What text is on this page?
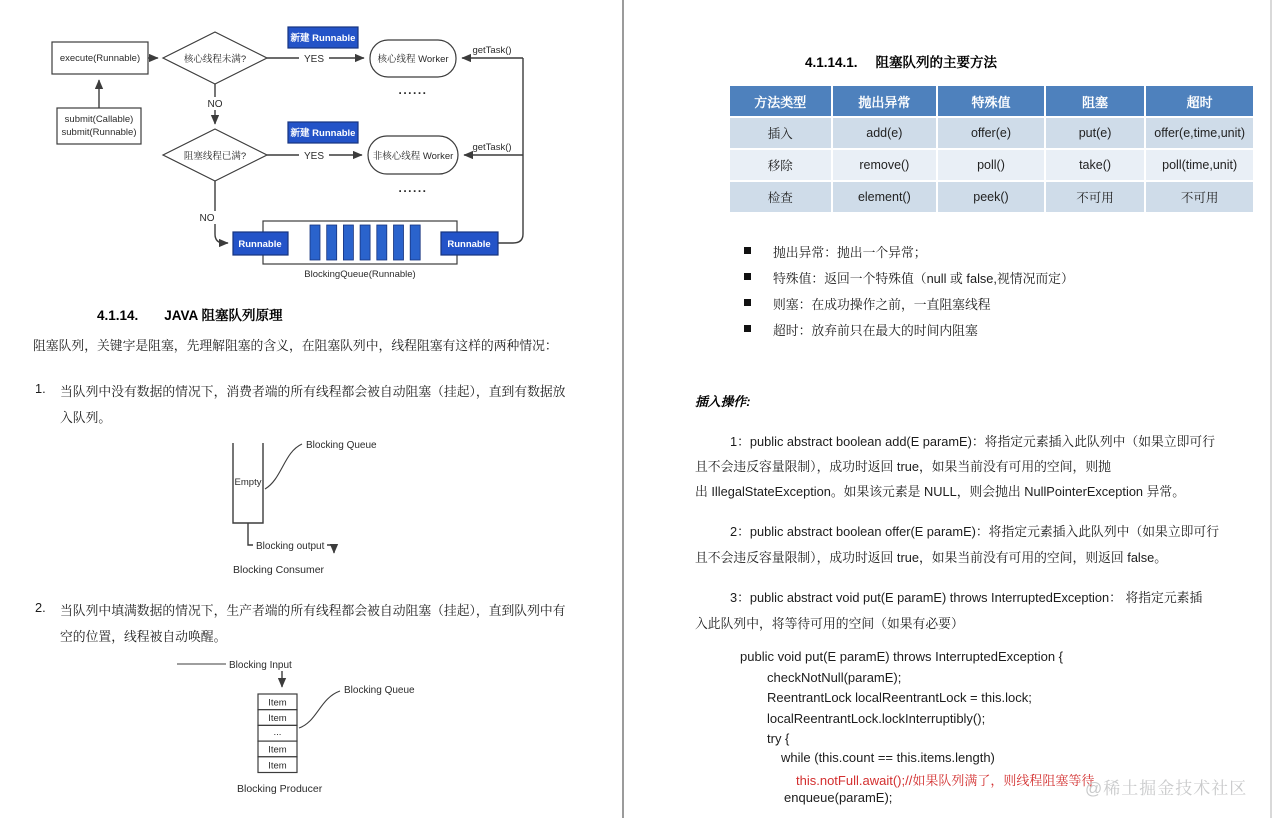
execute(Runnable)
submit(Callable)
submit(Runnable)
核心线程未满?
新建 Runnable
YES	核心线程 Worker
......
getTask()
NO
阻塞线程已满?
新建 Runnable
YES	非核心线程 Worker
......
getTask()
NO
Runnable	Runnable
BlockingQueue(Runnable)
4.1.14. JAVA 阻塞队列原理
阻塞队列，关键字是阻塞，先理解阻塞的含义，在阻塞队列中，线程阻塞有这样的两种情况：
1. 当队列中没有数据的情况下，消费者端的所有线程都会被自动阻塞（挂起），直到有数据放
入队列。
Empty
Blocking Queue
Blocking output
Blocking Consumer
2. 当队列中填满数据的情况下，生产者端的所有线程都会被自动阻塞（挂起），直到队列中有
空的位置，线程被自动唤醒。
Blocking Input
Item
Item
...
Item
Item
Blocking Queue
Blocking Producer
4.1.14.1. 阻塞队列的主要方法
方法类型	抛出异常	特殊值	阻塞	超时
插入	add(e)	offer(e)	put(e)	offer(e,time,unit)
移除	remove()	poll()	take()	poll(time,unit)
检查	element()	peek()	不可用	不可用
抛出异常：抛出一个异常；
特殊值：返回一个特殊值（null 或 false,视情况而定）
则塞：在成功操作之前，一直阻塞线程
超时：放弃前只在最大的时间内阻塞
插入操作:
1：public abstract boolean add(E paramE)：将指定元素插入此队列中（如果立即可行
且不会违反容量限制），成功时返回 true，如果当前没有可用的空间，则抛
出 IllegalStateException。如果该元素是 NULL，则会抛出 NullPointerException 异常。
2：public abstract boolean offer(E paramE)：将指定元素插入此队列中（如果立即可行
且不会违反容量限制），成功时返回 true，如果当前没有可用的空间，则返回 false。
3：public abstract void put(E paramE) throws InterruptedException： 将指定元素插
入此队列中，将等待可用的空间（如果有必要）
public void put(E paramE) throws InterruptedException {
checkNotNull(paramE);
ReentrantLock localReentrantLock = this.lock;
localReentrantLock.lockInterruptibly();
try {
while (this.count == this.items.length)
this.notFull.await();//如果队列满了，则线程阻塞等待
enqueue(paramE);	@稀土掘金技术社区
